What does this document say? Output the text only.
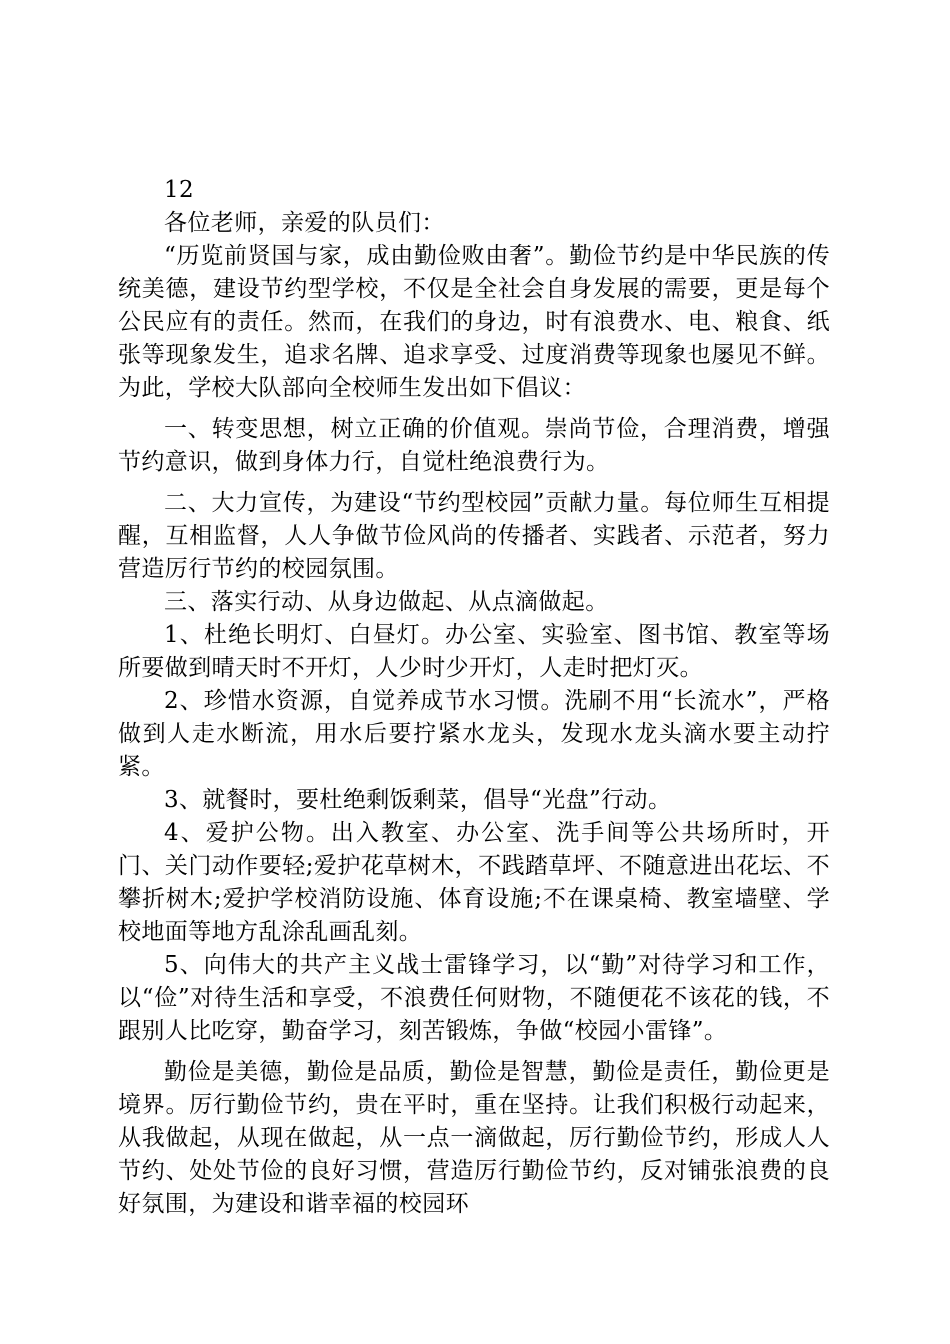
12

各位老师，亲爱的队员们：

“历览前贤国与家，成由勤俭败由奢”。勤俭节约是中华民族的传统美德，建设节约型学校，不仅是全社会自身发展的需要，更是每个公民应有的责任。然而，在我们的身边，时有浪费水、电、粮食、纸张等现象发生，追求名牌、追求享受、过度消费等现象也屡见不鲜。为此，学校大队部向全校师生发出如下倡议：

一、转变思想，树立正确的价值观。崇尚节俭，合理消费，增强节约意识，做到身体力行，自觉杜绝浪费行为。

二、大力宣传，为建设“节约型校园”贡献力量。每位师生互相提醒，互相监督，人人争做节俭风尚的传播者、实践者、示范者，努力营造厉行节约的校园氛围。

三、落实行动、从身边做起、从点滴做起。

1、杜绝长明灯、白昼灯。办公室、实验室、图书馆、教室等场所要做到晴天时不开灯，人少时少开灯，人走时把灯灭。

2、珍惜水资源，自觉养成节水习惯。洗刷不用“长流水”，严格做到人走水断流，用水后要拧紧水龙头，发现水龙头滴水要主动拧紧。

3、就餐时，要杜绝剩饭剩菜，倡导“光盘”行动。

4、爱护公物。出入教室、办公室、洗手间等公共场所时，开门、关门动作要轻;爱护花草树木，不践踏草坪、不随意进出花坛、不攀折树木;爱护学校消防设施、体育设施;不在课桌椅、教室墙壁、学校地面等地方乱涂乱画乱刻。

5、向伟大的共产主义战士雷锋学习，以“勤”对待学习和工作，以“俭”对待生活和享受，不浪费任何财物，不随便花不该花的钱，不跟别人比吃穿，勤奋学习，刻苦锻炼，争做“校园小雷锋”。

勤俭是美德，勤俭是品质，勤俭是智慧，勤俭是责任，勤俭更是境界。厉行勤俭节约，贵在平时，重在坚持。让我们积极行动起来，从我做起，从现在做起，从一点一滴做起，厉行勤俭节约，形成人人节约、处处节俭的良好习惯，营造厉行勤俭节约，反对铺张浪费的良好氛围，为建设和谐幸福的校园环
